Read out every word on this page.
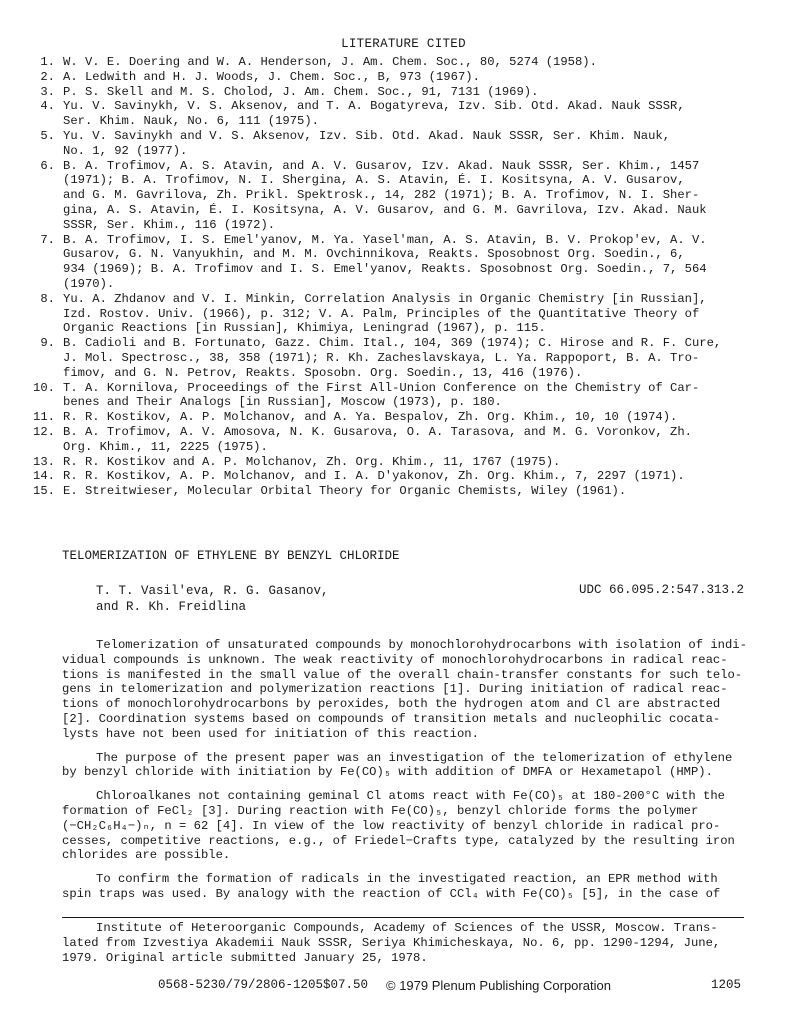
LITERATURE CITED
1. W. V. E. Doering and W. A. Henderson, J. Am. Chem. Soc., 80, 5274 (1958).
2. A. Ledwith and H. J. Woods, J. Chem. Soc., B, 973 (1967).
3. P. S. Skell and M. S. Cholod, J. Am. Chem. Soc., 91, 7131 (1969).
4. Yu. V. Savinykh, V. S. Aksenov, and T. A. Bogatyreva, Izv. Sib. Otd. Akad. Nauk SSSR,
Ser. Khim. Nauk, No. 6, 111 (1975).
5. Yu. V. Savinykh and V. S. Aksenov, Izv. Sib. Otd. Akad. Nauk SSSR, Ser. Khim. Nauk,
No. 1, 92 (1977).
6. B. A. Trofimov, A. S. Atavin, and A. V. Gusarov, Izv. Akad. Nauk SSSR, Ser. Khim., 1457
(1971); B. A. Trofimov, N. I. Shergina, A. S. Atavin, É. I. Kositsyna, A. V. Gusarov,
and G. M. Gavrilova, Zh. Prikl. Spektrosk., 14, 282 (1971); B. A. Trofimov, N. I. Sher-
gina, A. S. Atavin, É. I. Kositsyna, A. V. Gusarov, and G. M. Gavrilova, Izv. Akad. Nauk
SSSR, Ser. Khim., 116 (1972).
7. B. A. Trofimov, I. S. Emel'yanov, M. Ya. Yasel'man, A. S. Atavin, B. V. Prokop'ev, A. V.
Gusarov, G. N. Vanyukhin, and M. M. Ovchinnikova, Reakts. Sposobnost Org. Soedin., 6,
934 (1969); B. A. Trofimov and I. S. Emel'yanov, Reakts. Sposobnost Org. Soedin., 7, 564
(1970).
8. Yu. A. Zhdanov and V. I. Minkin, Correlation Analysis in Organic Chemistry [in Russian],
Izd. Rostov. Univ. (1966), p. 312; V. A. Palm, Principles of the Quantitative Theory of
Organic Reactions [in Russian], Khimiya, Leningrad (1967), p. 115.
9. B. Cadioli and B. Fortunato, Gazz. Chim. Ital., 104, 369 (1974); C. Hirose and R. F. Cure,
J. Mol. Spectrosc., 38, 358 (1971); R. Kh. Zacheslavskaya, L. Ya. Rappoport, B. A. Tro-
fimov, and G. N. Petrov, Reakts. Sposobn. Org. Soedin., 13, 416 (1976).
10. T. A. Kornilova, Proceedings of the First All-Union Conference on the Chemistry of Car-
benes and Their Analogs [in Russian], Moscow (1973), p. 180.
11. R. R. Kostikov, A. P. Molchanov, and A. Ya. Bespalov, Zh. Org. Khim., 10, 10 (1974).
12. B. A. Trofimov, A. V. Amosova, N. K. Gusarova, O. A. Tarasova, and M. G. Voronkov, Zh.
Org. Khim., 11, 2225 (1975).
13. R. R. Kostikov and A. P. Molchanov, Zh. Org. Khim., 11, 1767 (1975).
14. R. R. Kostikov, A. P. Molchanov, and I. A. D'yakonov, Zh. Org. Khim., 7, 2297 (1971).
15. E. Streitwieser, Molecular Orbital Theory for Organic Chemists, Wiley (1961).
TELOMERIZATION OF ETHYLENE BY BENZYL CHLORIDE
T. T. Vasil'eva, R. G. Gasanov,
and R. Kh. Freidlina
UDC 66.095.2:547.313.2

Telomerization of unsaturated compounds by monochlorohydrocarbons with isolation of indi-
vidual compounds is unknown. The weak reactivity of monochlorohydrocarbons in radical reac-
tions is manifested in the small value of the overall chain-transfer constants for such telo-
gens in telomerization and polymerization reactions [1]. During initiation of radical reac-
tions of monochlorohydrocarbons by peroxides, both the hydrogen atom and Cl are abstracted
[2]. Coordination systems based on compounds of transition metals and nucleophilic cocata-
lysts have not been used for initiation of this reaction.

The purpose of the present paper was an investigation of the telomerization of ethylene
by benzyl chloride with initiation by Fe(CO)₅ with addition of DMFA or Hexametapol (HMP).

Chloroalkanes not containing geminal Cl atoms react with Fe(CO)₅ at 180-200°C with the
formation of FeCl₂ [3]. During reaction with Fe(CO)₅, benzyl chloride forms the polymer
(−CH₂C₆H₄−)ₙ, n = 62 [4]. In view of the low reactivity of benzyl chloride in radical pro-
cesses, competitive reactions, e.g., of Friedel−Crafts type, catalyzed by the resulting iron
chlorides are possible.

To confirm the formation of radicals in the investigated reaction, an EPR method with
spin traps was used. By analogy with the reaction of CCl₄ with Fe(CO)₅ [5], in the case of

Institute of Heteroorganic Compounds, Academy of Sciences of the USSR, Moscow. Trans-
lated from Izvestiya Akademii Nauk SSSR, Seriya Khimicheskaya, No. 6, pp. 1290-1294, June,
1979. Original article submitted January 25, 1978.
0568-5230/79/2806-1205$07.50 © 1979 Plenum Publishing Corporation	1205
